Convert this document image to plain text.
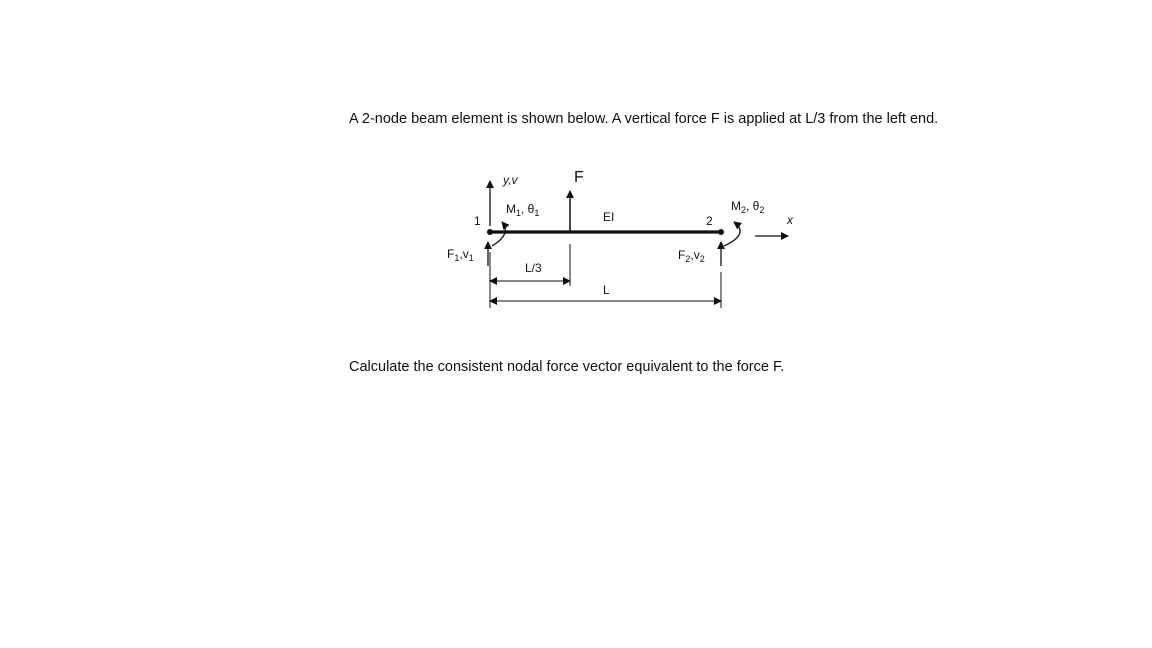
A 2-node beam element is shown below. A vertical force F is applied at L/3 from the left end.
y,v	F
1	2
EI
M1, θ1	M2, θ2
x
F1,v1	F2,v2
L/3
L
Calculate the consistent nodal force vector equivalent to the force F.
